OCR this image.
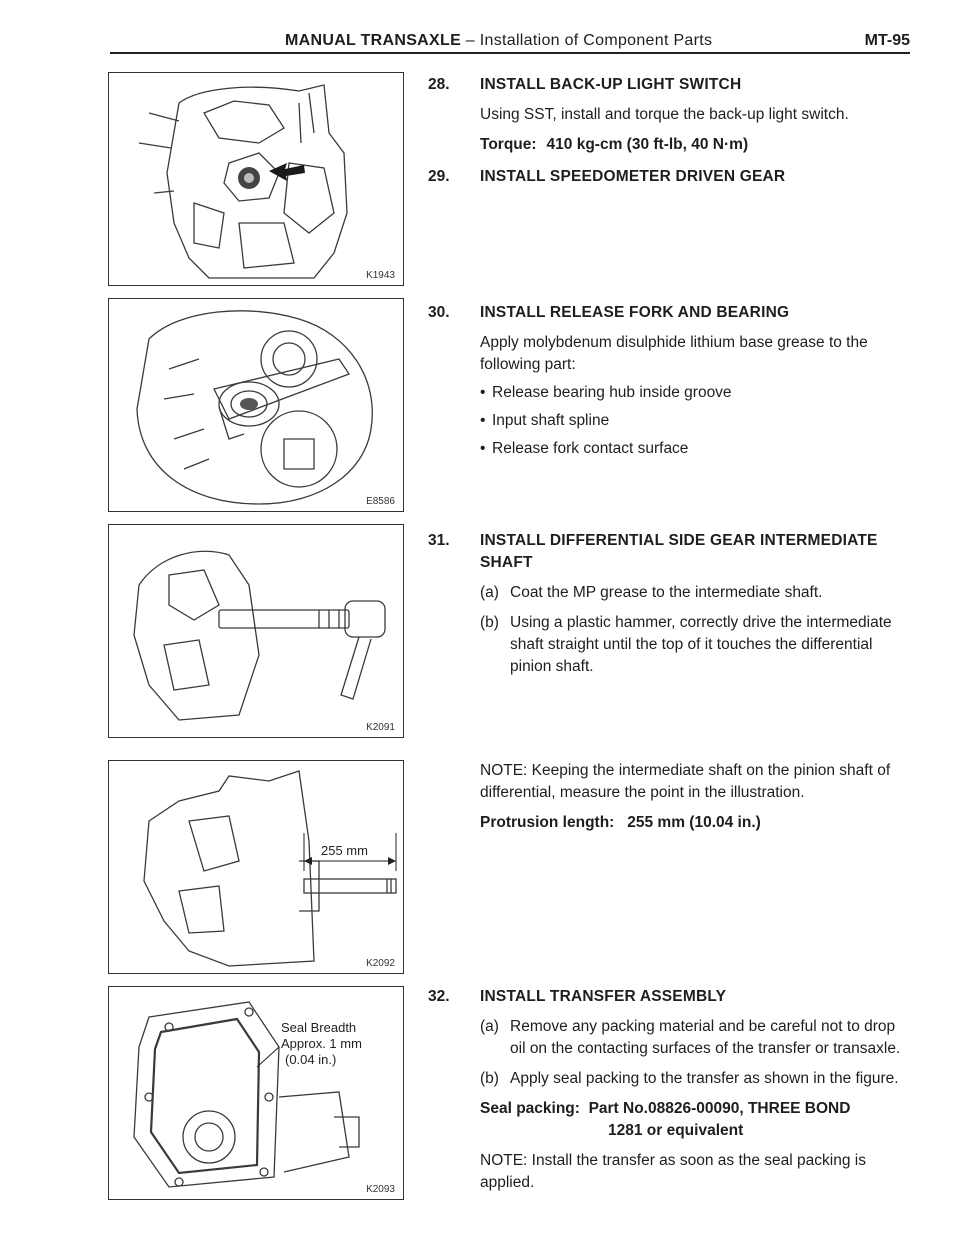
MANUAL TRANSAXLE – Installation of Component Parts	MT-95
K1943
E8586
K2091
255 mm
K2092
Seal Breadth
Approx. 1 mm
(0.04 in.)
K2093
28. INSTALL BACK-UP LIGHT SWITCH

Using SST, install and torque the back-up light switch.

Torque: 410 kg-cm (30 ft-lb, 40 N·m)

29. INSTALL SPEEDOMETER DRIVEN GEAR
30. INSTALL RELEASE FORK AND BEARING

Apply molybdenum disulphide lithium base grease to the following part:

• Release bearing hub inside groove
• Input shaft spline
• Release fork contact surface
31. INSTALL DIFFERENTIAL SIDE GEAR INTERMEDIATE SHAFT
(a) Coat the MP grease to the intermediate shaft.
(b) Using a plastic hammer, correctly drive the intermediate shaft straight until the top of it touches the differential pinion shaft.

NOTE: Keeping the intermediate shaft on the pinion shaft of differential, measure the point in the illustration.

Protrusion length: 255 mm (10.04 in.)

32. INSTALL TRANSFER ASSEMBLY
(a) Remove any packing material and be careful not to drop oil on the contacting surfaces of the transfer or transaxle.
(b) Apply seal packing to the transfer as shown in the figure.

Seal packing: Part No.08826-00090, THREE BOND
1281 or equivalent

NOTE: Install the transfer as soon as the seal packing is applied.
